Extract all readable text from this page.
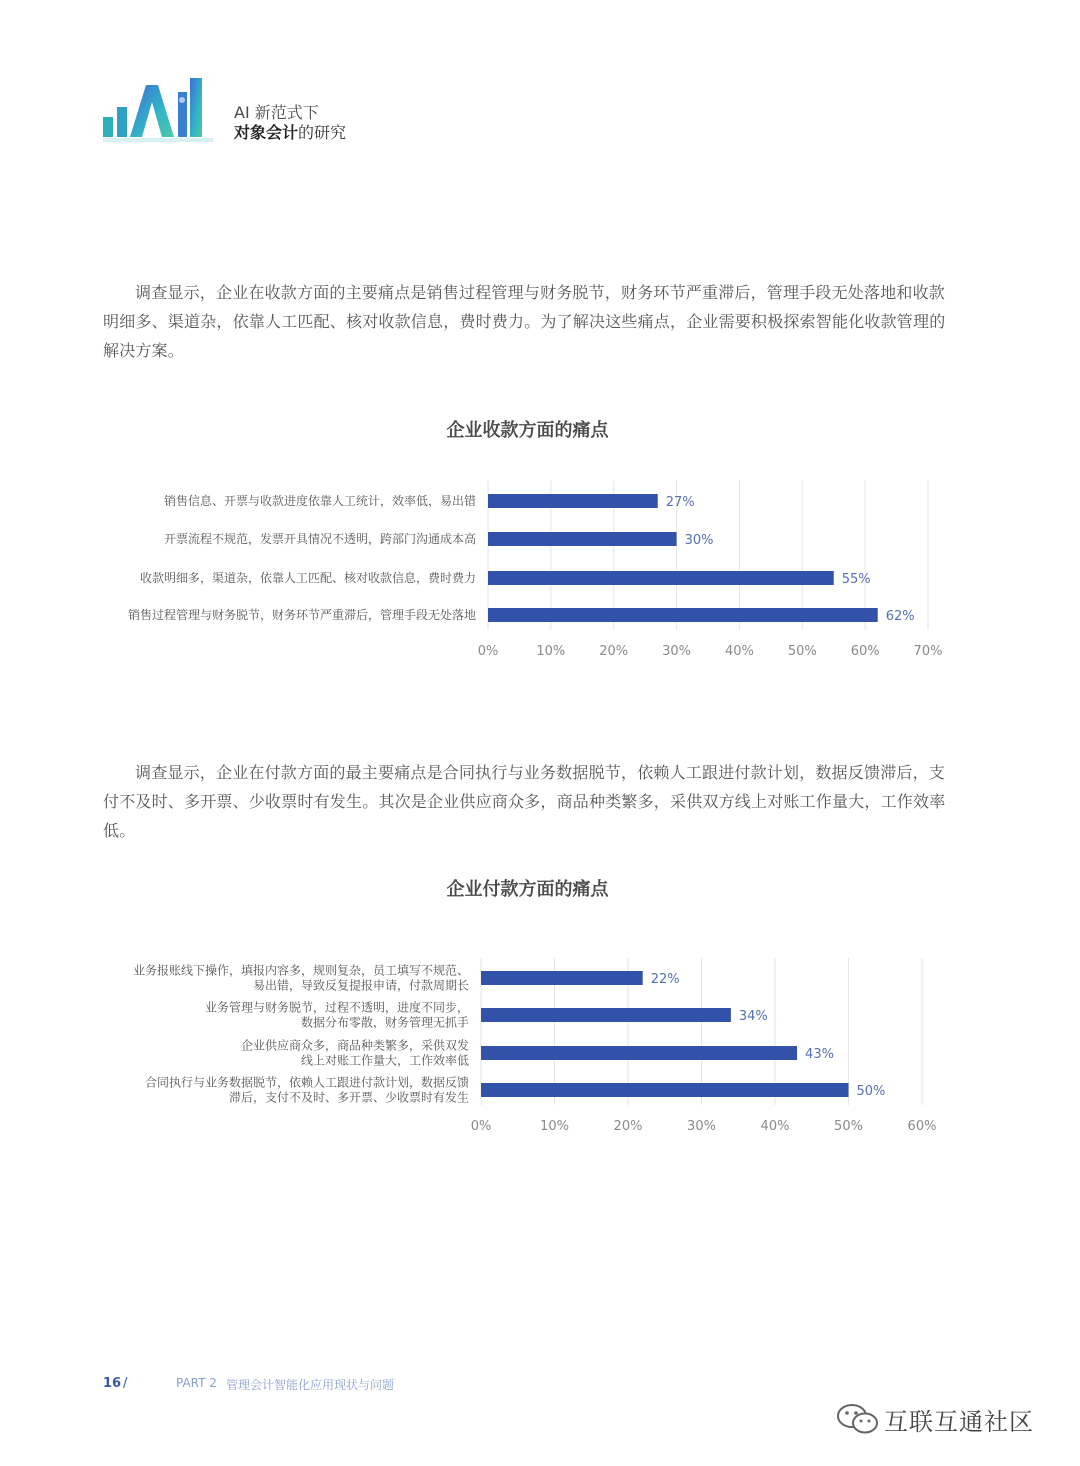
AI 新范式下
对象会计的研究
调查显示，企业在收款方面的主要痛点是销售过程管理与财务脱节，财务环节严重滞后，管理手段无处落地和收款明细多、渠道杂，依靠人工匹配、核对收款信息，费时费力。为了解决这些痛点，企业需要积极探索智能化收款管理的解决方案。
企业收款方面的痛点
0%	10%	20%	30%	40%	50%	60%	70%
27%
销售信息、开票与收款进度依靠人工统计，效率低，易出错
30%
开票流程不规范，发票开具情况不透明，跨部门沟通成本高
55%
收款明细多，渠道杂，依靠人工匹配、核对收款信息，费时费力
62%
销售过程管理与财务脱节，财务环节严重滞后，管理手段无处落地
调查显示，企业在付款方面的最主要痛点是合同执行与业务数据脱节，依赖人工跟进付款计划，数据反馈滞后，支付不及时、多开票、少收票时有发生。其次是企业供应商众多，商品种类繁多，采供双方线上对账工作量大，工作效率低。
企业付款方面的痛点
0%	10%	20%	30%	40%	50%	60%
22%
业务报账线下操作，填报内容多，规则复杂，员工填写不规范、
易出错，导致反复提报申请，付款周期长
34%
业务管理与财务脱节，过程不透明，进度不同步，
数据分布零散，财务管理无抓手
43%
企业供应商众多，商品种类繁多，采供双发
线上对账工作量大，工作效率低
50%
合同执行与业务数据脱节，依赖人工跟进付款计划，数据反馈
滞后，支付不及时、多开票、少收票时有发生
16 /	PART 2 管理会计智能化应用现状与问题
互联互通社区
